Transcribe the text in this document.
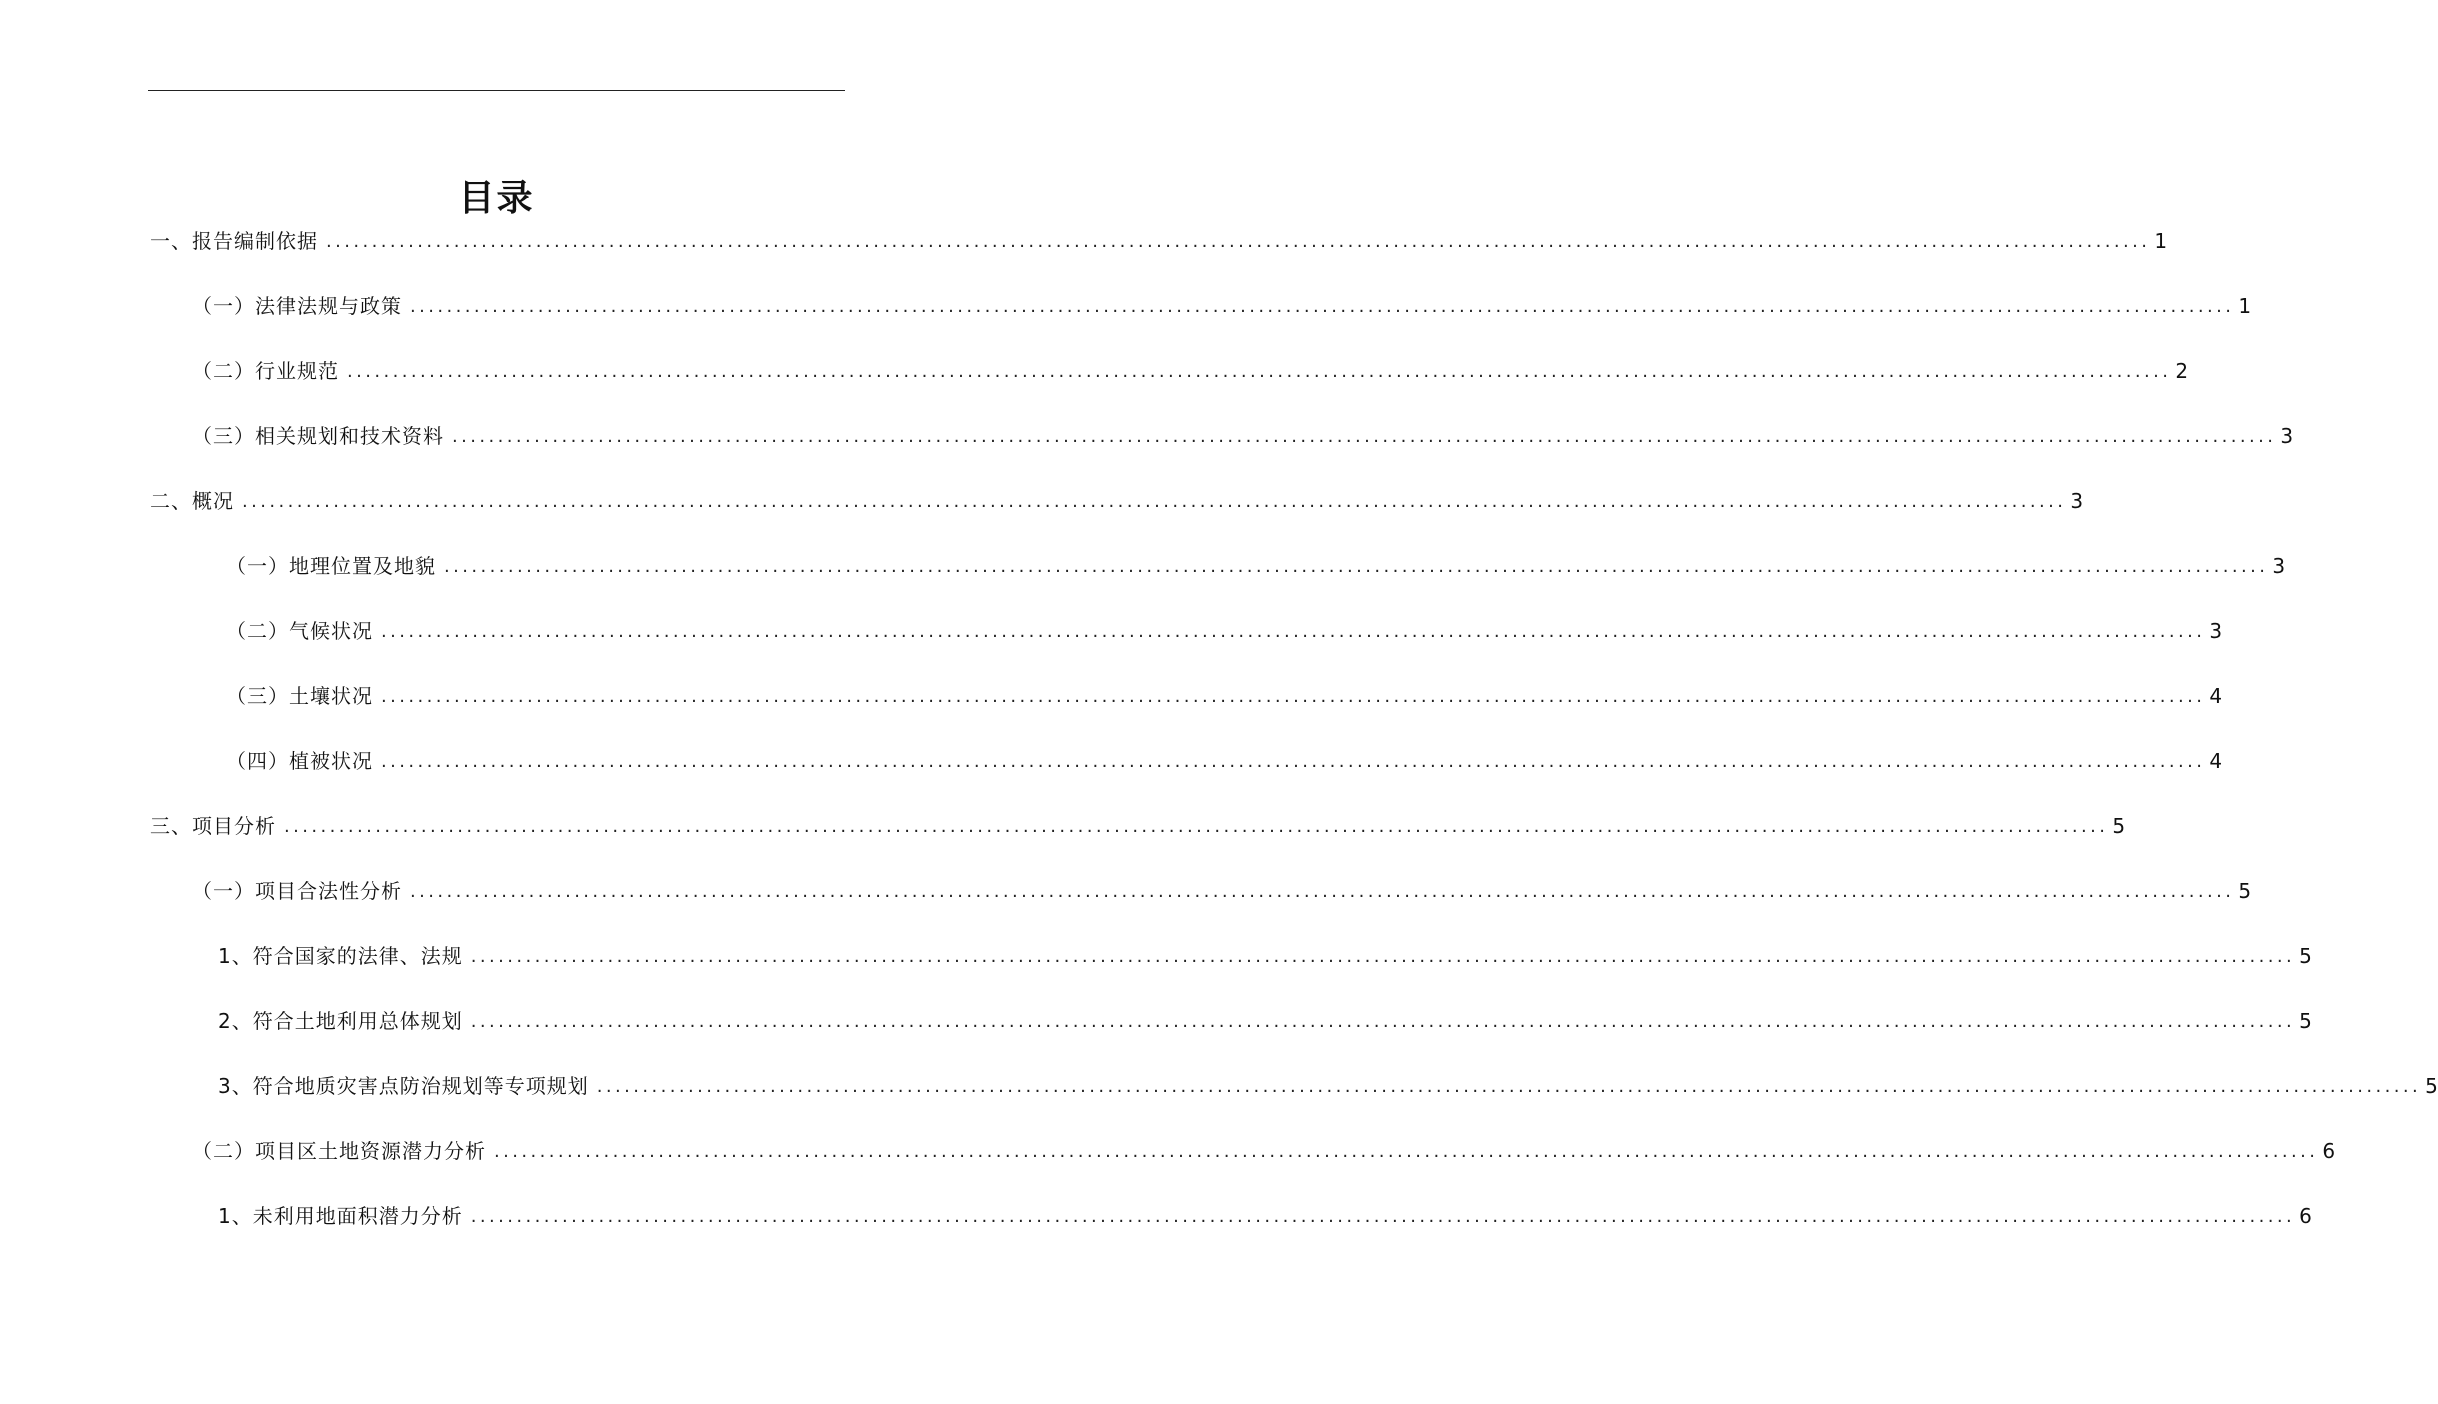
目录
一、报告编制依据 ........................................................................................................................................................................................................ 1
（一）法律法规与政策 ........................................................................................................................................................................................................ 1
（二）行业规范 ........................................................................................................................................................................................................ 2
（三）相关规划和技术资料 ........................................................................................................................................................................................................ 3
二、概况 ........................................................................................................................................................................................................ 3
（一）地理位置及地貌 ........................................................................................................................................................................................................ 3
（二）气候状况 ........................................................................................................................................................................................................ 3
（三）土壤状况 ........................................................................................................................................................................................................ 4
（四）植被状况 ........................................................................................................................................................................................................ 4
三、项目分析 ........................................................................................................................................................................................................ 5
（一）项目合法性分析 ........................................................................................................................................................................................................ 5
1、符合国家的法律、法规 ........................................................................................................................................................................................................ 5
2、符合土地利用总体规划 ........................................................................................................................................................................................................ 5
3、符合地质灾害点防治规划等专项规划 ........................................................................................................................................................................................................ 5
（二）项目区土地资源潜力分析 ........................................................................................................................................................................................................ 6
1、未利用地面积潜力分析 ........................................................................................................................................................................................................ 6
